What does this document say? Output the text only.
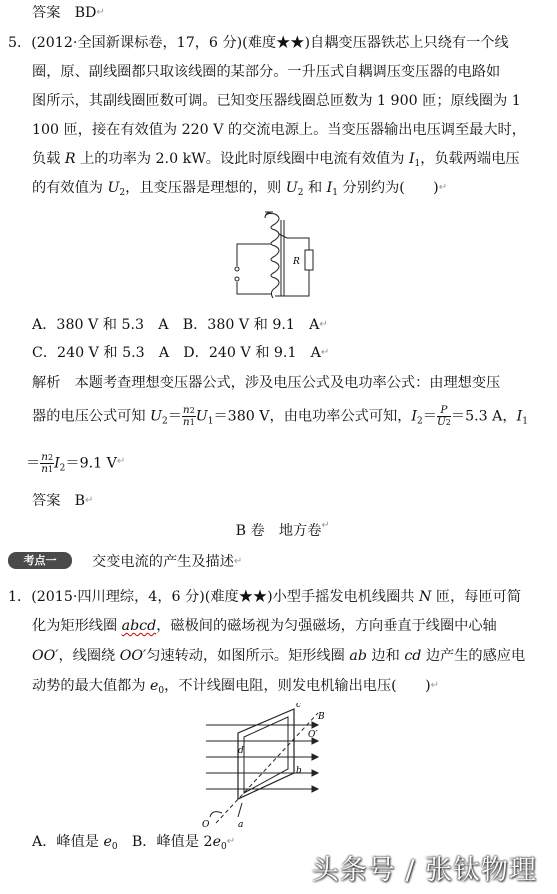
答案　 BD ↵
5．(2012·全国新课标卷，17，6 分)(难度★★)自耦变压器铁芯上只绕有一个线
圈，原、副线圈都只取该线圈的某部分。一升压式自耦调压变压器的电路如
图所示，其副线圈匝数可调。已知变压器线圈总匝数为 1 900 匝；原线圈为 1
100 匝，接在有效值为 220 V 的交流电源上。当变压器输出电压调至最大时，
负载 R 上的功率为 2.0 kW。设此时原线圈中电流有效值为 $I_1$，负载两端电压
的有效值为 $U_2$，且变压器是理想的，则 $U_2$ 和 $I_1$ 分别约为(　　) ↵
R
A．380 V 和 5.3　A　 B．380 V 和 9.1　A ↵
C．240 V 和 5.3　A　 D．240 V 和 9.1　A ↵
解析　 本题考查理想变压器公式，涉及电压公式及电功率公式：由理想变压
器的电压公式可知 $U_2= \frac{n2}{n1} U_1=380$ V，由电功率公式可知，$I_2= \frac{P}{U2} =5.3$ A，$I_1$
＝ $\frac{n2}{n1} I_2=9.1$ V ↵
答案　 B ↵
B 卷　地方卷 ↵
考点一	交变电流的产生及描述 ↵
1．(2015·四川理综，4，6 分)(难度★★)小型手摇发电机线圈共 N 匝，每匝可简
化为矩形线圈 abcd，磁极间的磁场视为匀强磁场，方向垂直于线圈中心轴
OO′，线圈绕 OO′匀速转动，如图所示。矩形线圈 ab 边和 cd 边产生的感应电
动势的最大值都为 $e_0$，不计线圈电阻，则发电机输出电压(　　) ↵
c
B
O′
d
b
O	a
A．峰值是 $e_0$　 B．峰值是 $2e_0$ ↵
头条号 / 张钛物理
